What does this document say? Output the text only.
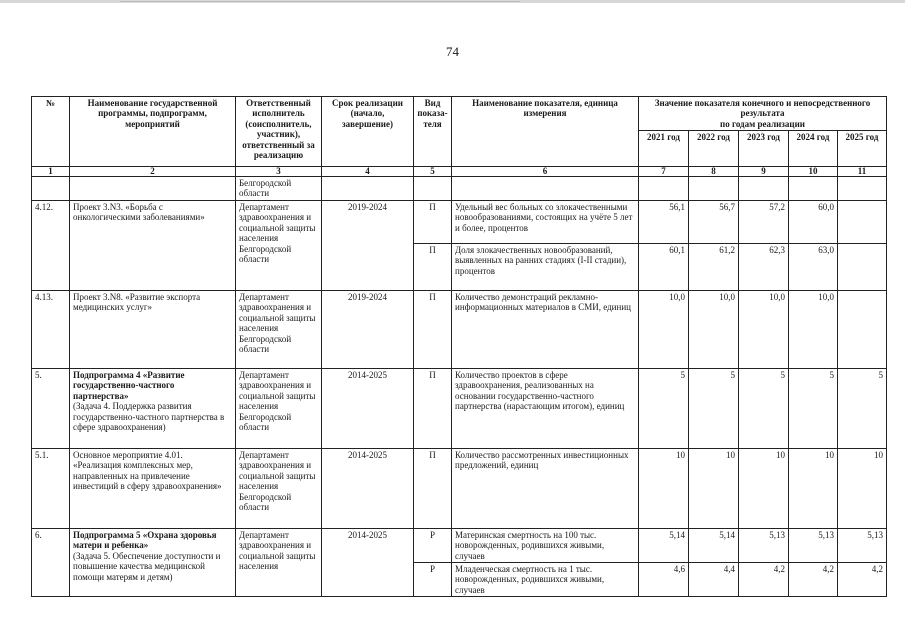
74
№	Наименование государственной программы, подпрограмм, мероприятий	Ответственный исполнитель (соисполнитель, участник), ответственный за реализацию	Срок реализации (начало, завершение)	Вид показа-теля	Наименование показателя, единица измерения	Значение показателя конечного и непосредственного результата
по годам реализации				
						2021 год	2022 год	2023 год	2024 год	2025 год
1	2	3	4	5	6	7	8	9	10	11
		Белгородской области								
4.12.	Проект 3.N3. «Борьба с онкологическими заболеваниями»	Департамент здравоохранения и социальной защиты населения Белгородской области	2019-2024	П	Удельный вес больных со злокачественными новообразованиями, состоящих на учёте 5 лет и более, процентов	56,1	56,7	57,2	60,0	
				П	Доля злокачественных новообразований, выявленных на ранних стадиях (I-II стадии), процентов	60,1	61,2	62,3	63,0	
4.13.	Проект 3.N8. «Развитие экспорта медицинских услуг»	Департамент здравоохранения и социальной защиты населения Белгородской области	2019-2024	П	Количество демонстраций рекламно-информационных материалов в СМИ, единиц	10,0	10,0	10,0	10,0	
5.	Подпрограмма 4 «Развитие государственно-частного партнерства»
(Задача 4. Поддержка развития государственно-частного партнерства в сфере здравоохранения)	Департамент здравоохранения и социальной защиты населения Белгородской области	2014-2025	П	Количество проектов в сфере здравоохранения, реализованных на основании государственно-частного партнерства (нарастающим итогом), единиц	5	5	5	5	5
5.1.	Основное мероприятие 4.01. «Реализация комплексных мер, направленных на привлечение инвестиций в сферу здравоохранения»	Департамент здравоохранения и социальной защиты населения Белгородской области	2014-2025	П	Количество рассмотренных инвестиционных предложений, единиц	10	10	10	10	10
6.	Подпрограмма 5 «Охрана здоровья матери и ребенка»
(Задача 5. Обеспечение доступности и повышение качества медицинской помощи матерям и детям)	Департамент здравоохранения и социальной защиты населения	2014-2025	Р	Материнская смертность на 100 тыс. новорожденных, родившихся живыми, случаев	5,14	5,14	5,13	5,13	5,13
				Р	Младенческая смертность на 1 тыс. новорожденных, родившихся живыми, случаев	4,6	4,4	4,2	4,2	4,2
